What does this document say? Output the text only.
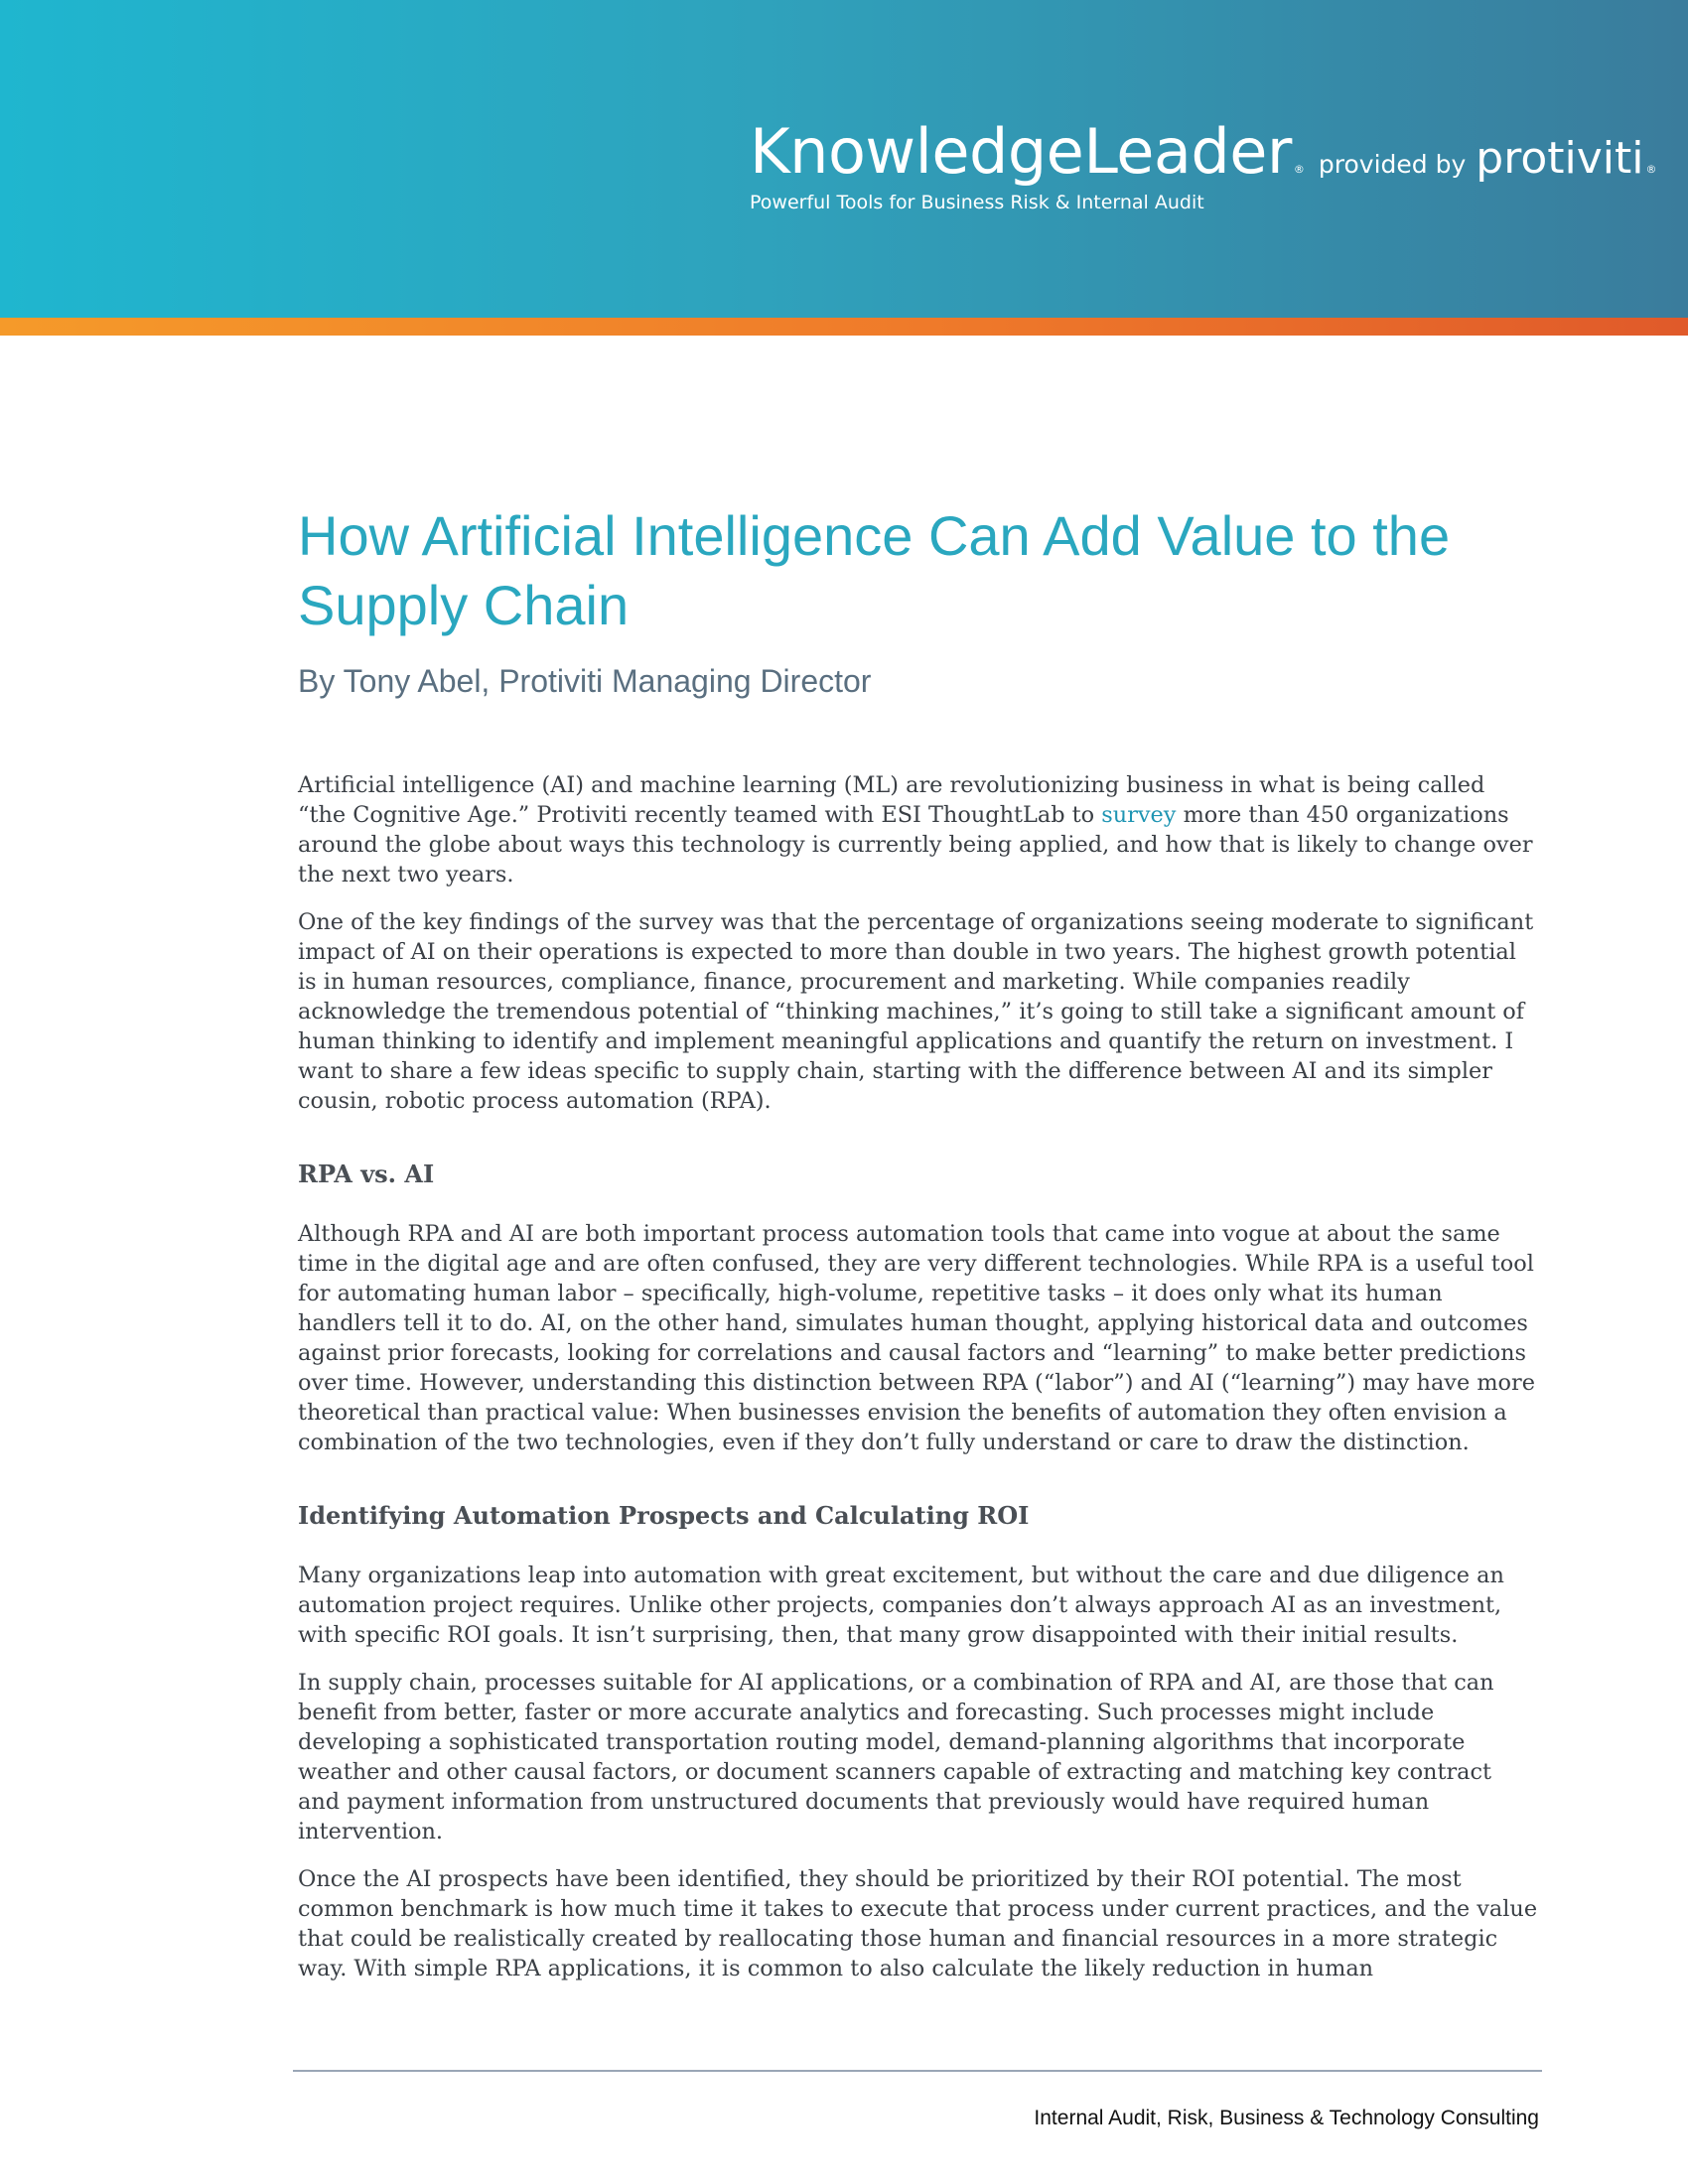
KnowledgeLeader ® provided by protiviti ®
Powerful Tools for Business Risk & Internal Audit
How Artificial Intelligence Can Add Value to the Supply Chain
By Tony Abel, Protiviti Managing Director

Artificial intelligence (AI) and machine learning (ML) are revolutionizing business in what is being called “the Cognitive Age.” Protiviti recently teamed with ESI ThoughtLab to survey more than 450 organizations around the globe about ways this technology is currently being applied, and how that is likely to change over the next two years.

One of the key findings of the survey was that the percentage of organizations seeing moderate to significant impact of AI on their operations is expected to more than double in two years. The highest growth potential is in human resources, compliance, finance, procurement and marketing. While companies readily acknowledge the tremendous potential of “thinking machines,” it’s going to still take a significant amount of human thinking to identify and implement meaningful applications and quantify the return on investment. I want to share a few ideas specific to supply chain, starting with the difference between AI and its simpler cousin, robotic process automation (RPA).

RPA vs. AI

Although RPA and AI are both important process automation tools that came into vogue at about the same time in the digital age and are often confused, they are very different technologies. While RPA is a useful tool for automating human labor – specifically, high-volume, repetitive tasks – it does only what its human handlers tell it to do. AI, on the other hand, simulates human thought, applying historical data and outcomes against prior forecasts, looking for correlations and causal factors and “learning” to make better predictions over time. However, understanding this distinction between RPA (“labor”) and AI (“learning”) may have more theoretical than practical value: When businesses envision the benefits of automation they often envision a combination of the two technologies, even if they don’t fully understand or care to draw the distinction.

Identifying Automation Prospects and Calculating ROI

Many organizations leap into automation with great excitement, but without the care and due diligence an automation project requires. Unlike other projects, companies don’t always approach AI as an investment, with specific ROI goals. It isn’t surprising, then, that many grow disappointed with their initial results.

In supply chain, processes suitable for AI applications, or a combination of RPA and AI, are those that can benefit from better, faster or more accurate analytics and forecasting. Such processes might include developing a sophisticated transportation routing model, demand-planning algorithms that incorporate weather and other causal factors, or document scanners capable of extracting and matching key contract and payment information from unstructured documents that previously would have required human intervention.

Once the AI prospects have been identified, they should be prioritized by their ROI potential. The most common benchmark is how much time it takes to execute that process under current practices, and the value that could be realistically created by reallocating those human and financial resources in a more strategic way. With simple RPA applications, it is common to also calculate the likely reduction in human

Internal Audit, Risk, Business & Technology Consulting
